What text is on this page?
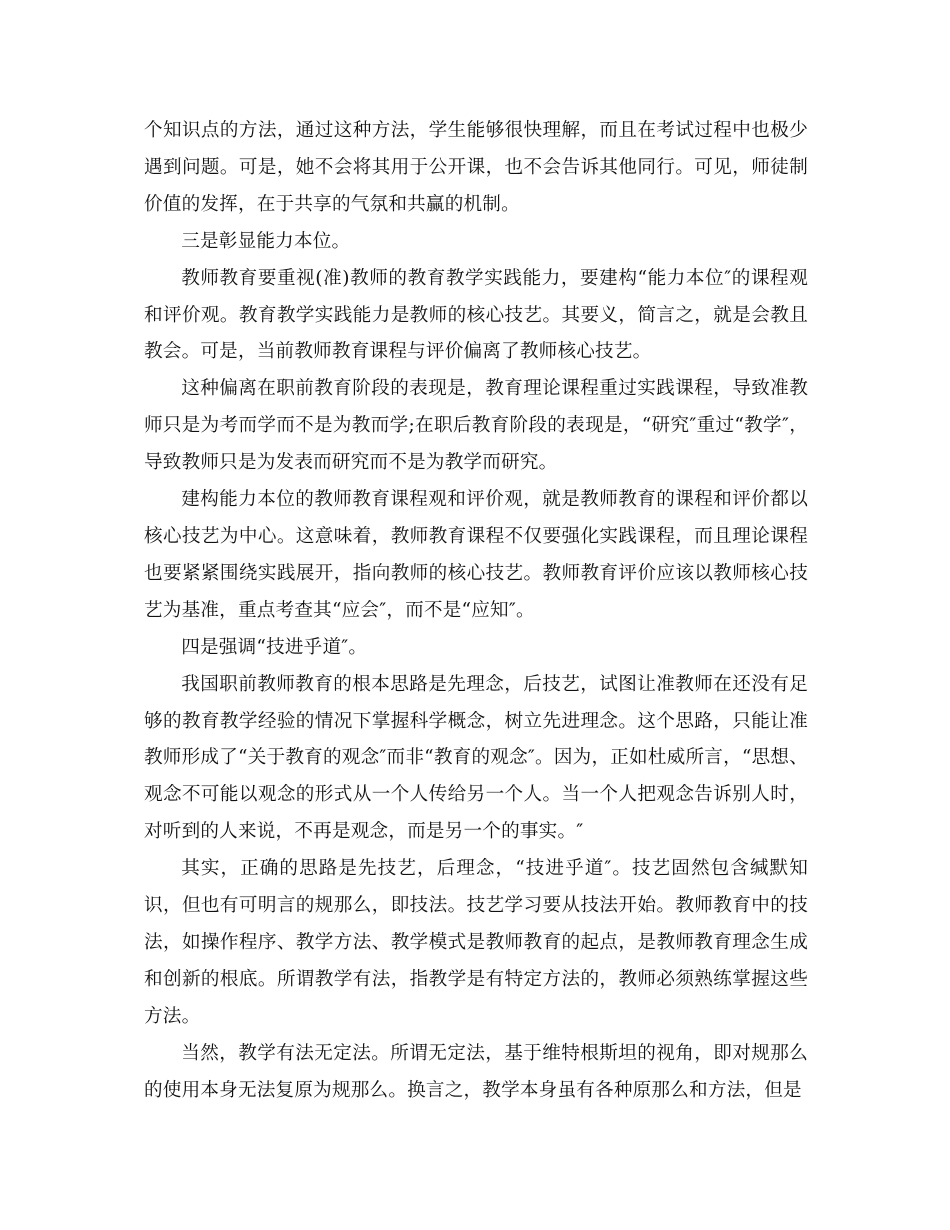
个知识点的方法，通过这种方法，学生能够很快理解，而且在考试过程中也极少遇到问题。可是，她不会将其用于公开课，也不会告诉其他同行。可见，师徒制价值的发挥，在于共享的气氛和共赢的机制。

三是彰显能力本位。

教师教育要重视(准)教师的教育教学实践能力，要建构“能力本位″的课程观和评价观。教育教学实践能力是教师的核心技艺。其要义，简言之，就是会教且教会。可是，当前教师教育课程与评价偏离了教师核心技艺。

这种偏离在职前教育阶段的表现是，教育理论课程重过实践课程，导致准教师只是为考而学而不是为教而学;在职后教育阶段的表现是，“研究″重过“教学″，导致教师只是为发表而研究而不是为教学而研究。

建构能力本位的教师教育课程观和评价观，就是教师教育的课程和评价都以核心技艺为中心。这意味着，教师教育课程不仅要强化实践课程，而且理论课程也要紧紧围绕实践展开，指向教师的核心技艺。教师教育评价应该以教师核心技艺为基准，重点考查其“应会″，而不是“应知″。

四是强调“技进乎道″。

我国职前教师教育的根本思路是先理念，后技艺，试图让准教师在还没有足够的教育教学经验的情况下掌握科学概念，树立先进理念。这个思路，只能让准教师形成了“关于教育的观念″而非“教育的观念″。因为，正如杜威所言，“思想、观念不可能以观念的形式从一个人传给另一个人。当一个人把观念告诉别人时，对听到的人来说，不再是观念，而是另一个的事实。″

其实，正确的思路是先技艺，后理念，“技进乎道″。技艺固然包含缄默知识，但也有可明言的规那么，即技法。技艺学习要从技法开始。教师教育中的技法，如操作程序、教学方法、教学模式是教师教育的起点，是教师教育理念生成和创新的根底。所谓教学有法，指教学是有特定方法的，教师必须熟练掌握这些方法。

当然，教学有法无定法。所谓无定法，基于维特根斯坦的视角，即对规那么的使用本身无法复原为规那么。换言之，教学本身虽有各种原那么和方法，但是
